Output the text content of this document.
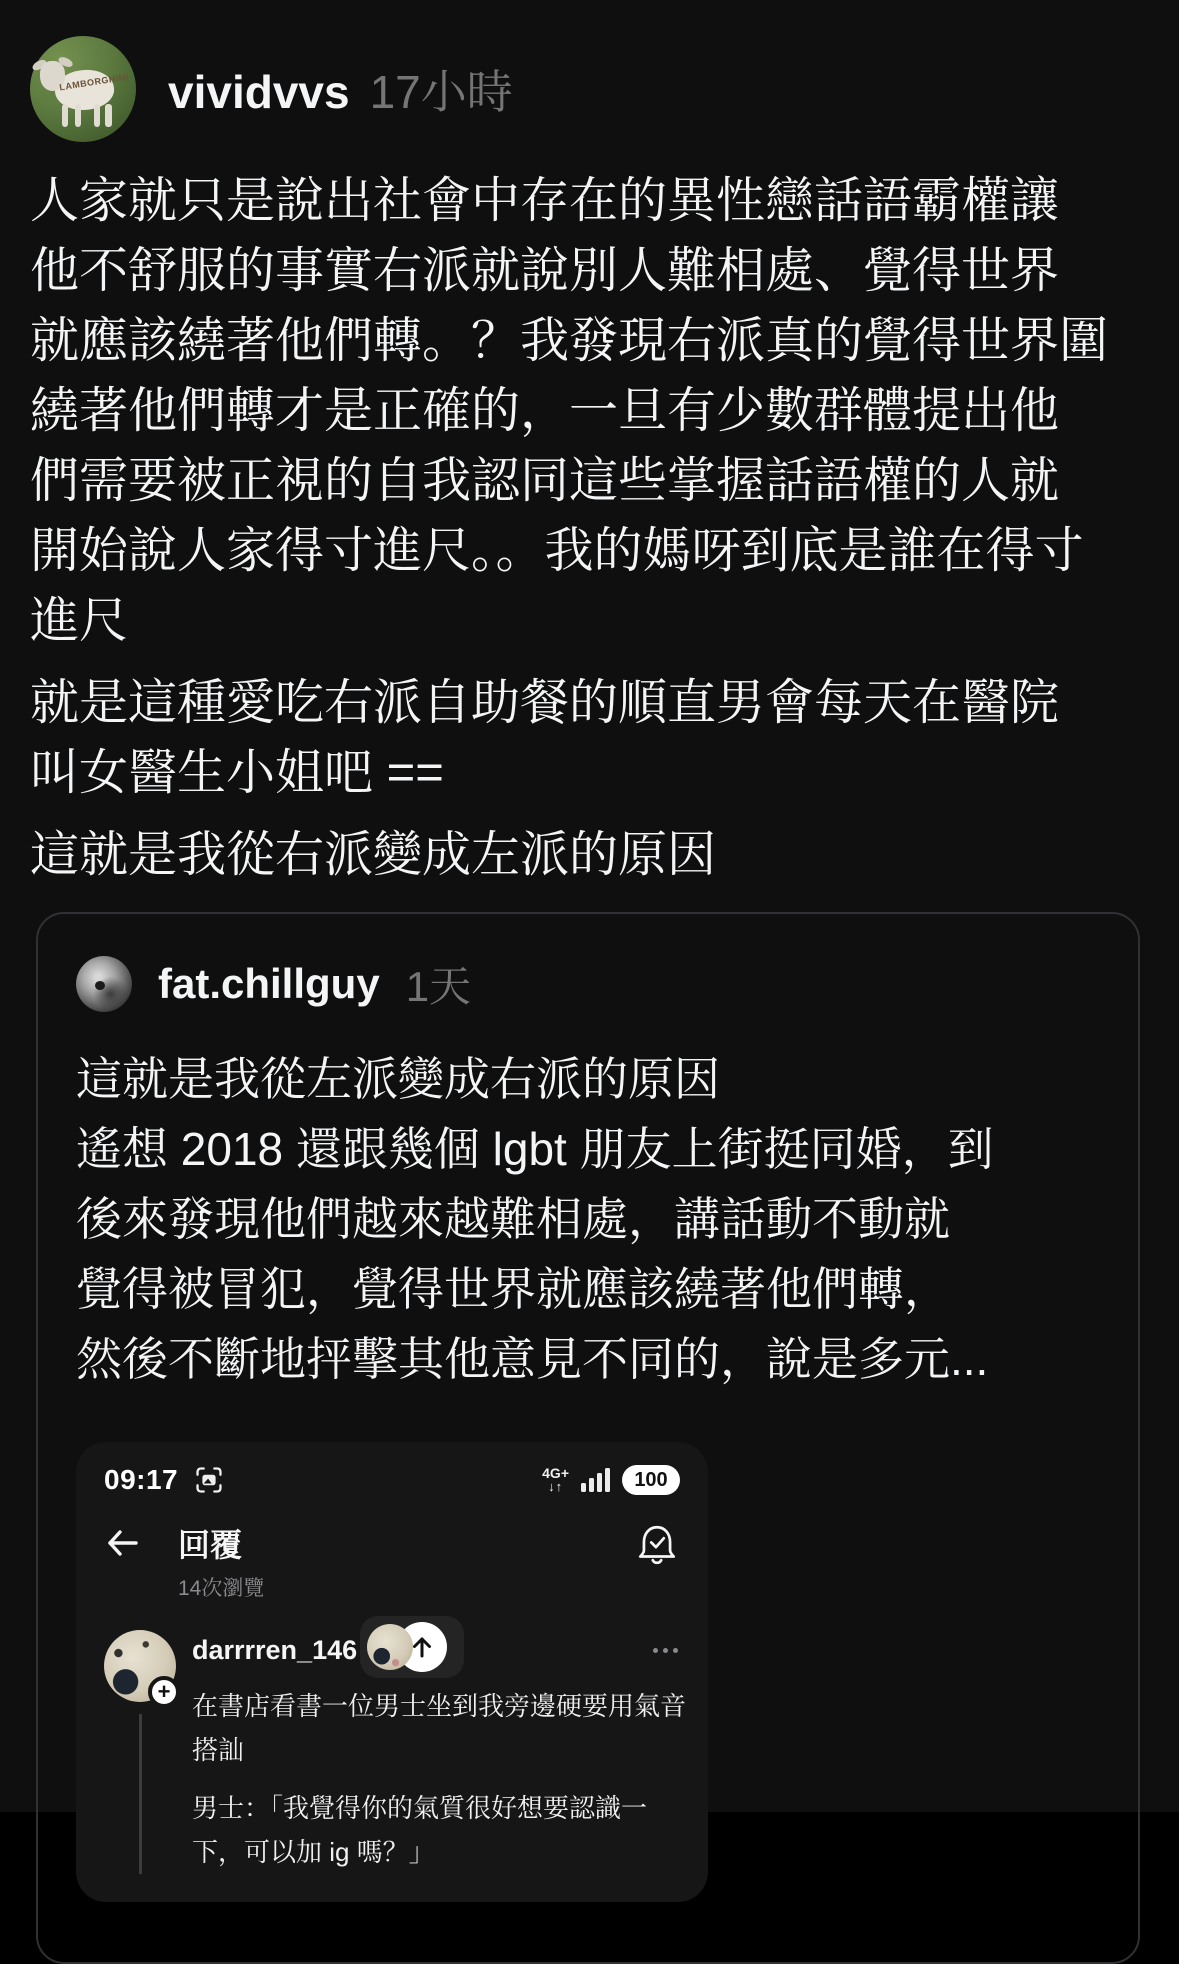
LAMBORGHINI vividvvs 17小時

人家就只是說出社會中存在的異性戀話語霸權讓
他不舒服的事實右派就說別人難相處、覺得世界
就應該繞著他們轉。？我發現右派真的覺得世界圍
繞著他們轉才是正確的，一旦有少數群體提出他
們需要被正視的自我認同這些掌握話語權的人就
開始說人家得寸進尺。。我的媽呀到底是誰在得寸
進尺

就是這種愛吃右派自助餐的順直男會每天在醫院
叫女醫生小姐吧 ==

這就是我從右派變成左派的原因

fat.chillguy 1天
這就是我從左派變成右派的原因
遙想 2018 還跟幾個 lgbt 朋友上街挺同婚，到
後來發現他們越來越難相處，講話動不動就
覺得被冒犯，覺得世界就應該繞著他們轉，
然後不斷地抨擊其他意見不同的，說是多元...
09:17	4G+
↓↑	100
回覆
14次瀏覽
+
darrrren_146

在書店看書一位男士坐到我旁邊硬要用氣音
搭訕

男士：「我覺得你的氣質很好想要認識一
下，可以加 ig 嗎？」
